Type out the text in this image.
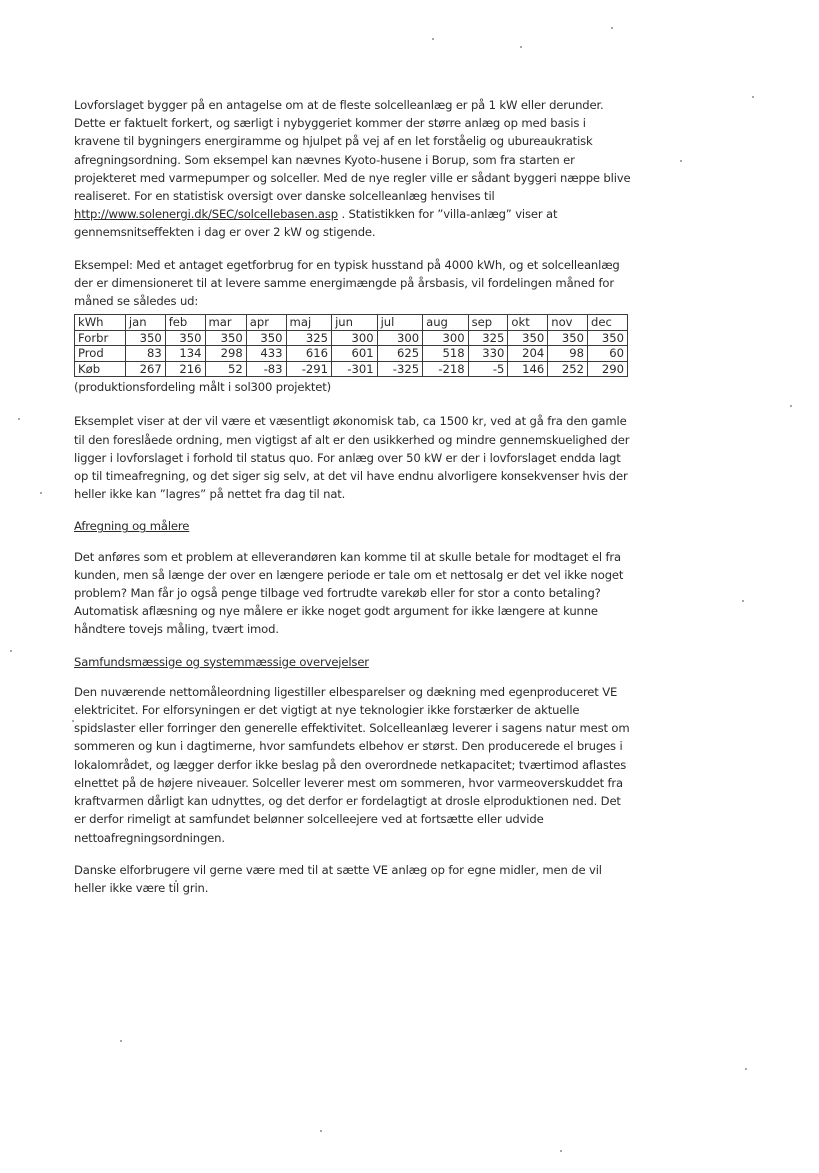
Lovforslaget bygger på en antagelse om at de fleste solcelleanlæg er på 1 kW eller derunder. Dette er faktuelt forkert, og særligt i nybyggeriet kommer der større anlæg op med basis i kravene til bygningers energiramme og hjulpet på vej af en let forståelig og ubureaukratisk afregningsordning. Som eksempel kan nævnes Kyoto-husene i Borup, som fra starten er projekteret med varmepumper og solceller. Med de nye regler ville er sådant byggeri næppe blive realiseret. For en statistisk oversigt over danske solcelleanlæg henvises til http://www.solenergi.dk/SEC/solcellebasen.asp . Statistikken for ”villa-anlæg” viser at gennemsnitseffekten i dag er over 2 kW og stigende.

Eksempel: Med et antaget egetforbrug for en typisk husstand på 4000 kWh, og et solcelleanlæg der er dimensioneret til at levere samme energimængde på årsbasis, vil fordelingen måned for måned se således ud:

kWh	jan	feb	mar	apr	maj	jun	jul	aug	sep	okt	nov	dec
Forbr	350	350	350	350	325	300	300	300	325	350	350	350
Prod	83	134	298	433	616	601	625	518	330	204	98	60
Køb	267	216	52	-83	-291	-301	-325	-218	-5	146	252	290

(produktionsfordeling målt i sol300 projektet)

Eksemplet viser at der vil være et væsentligt økonomisk tab, ca 1500 kr, ved at gå fra den gamle til den foreslåede ordning, men vigtigst af alt er den usikkerhed og mindre gennemskuelighed der ligger i lovforslaget i forhold til status quo. For anlæg over 50 kW er der i lovforslaget endda lagt op til timeafregning, og det siger sig selv, at det vil have endnu alvorligere konsekvenser hvis der heller ikke kan ”lagres” på nettet fra dag til nat.

Afregning og målere

Det anføres som et problem at elleverandøren kan komme til at skulle betale for modtaget el fra kunden, men så længe der over en længere periode er tale om et nettosalg er det vel ikke noget problem? Man får jo også penge tilbage ved fortrudte varekøb eller for stor a conto betaling? Automatisk aflæsning og nye målere er ikke noget godt argument for ikke længere at kunne håndtere tovejs måling, tvært imod.

Samfundsmæssige og systemmæssige overvejelser

Den nuværende nettomåleordning ligestiller elbesparelser og dækning med egenproduceret VE elektricitet. For elforsyningen er det vigtigt at nye teknologier ikke forstærker de aktuelle spidslaster eller forringer den generelle effektivitet. Solcelleanlæg leverer i sagens natur mest om sommeren og kun i dagtimerne, hvor samfundets elbehov er størst. Den producerede el bruges i lokalområdet, og lægger derfor ikke beslag på den overordnede netkapacitet; tværtimod aflastes elnettet på de højere niveauer. Solceller leverer mest om sommeren, hvor varmeoverskuddet fra kraftvarmen dårligt kan udnyttes, og det derfor er fordelagtigt at drosle elproduktionen ned. Det er derfor rimeligt at samfundet belønner solcelleejere ved at fortsætte eller udvide nettoafregningsordningen.

Danske elforbrugere vil gerne være med til at sætte VE anlæg op for egne midler, men de vil heller ikke være til grin.
